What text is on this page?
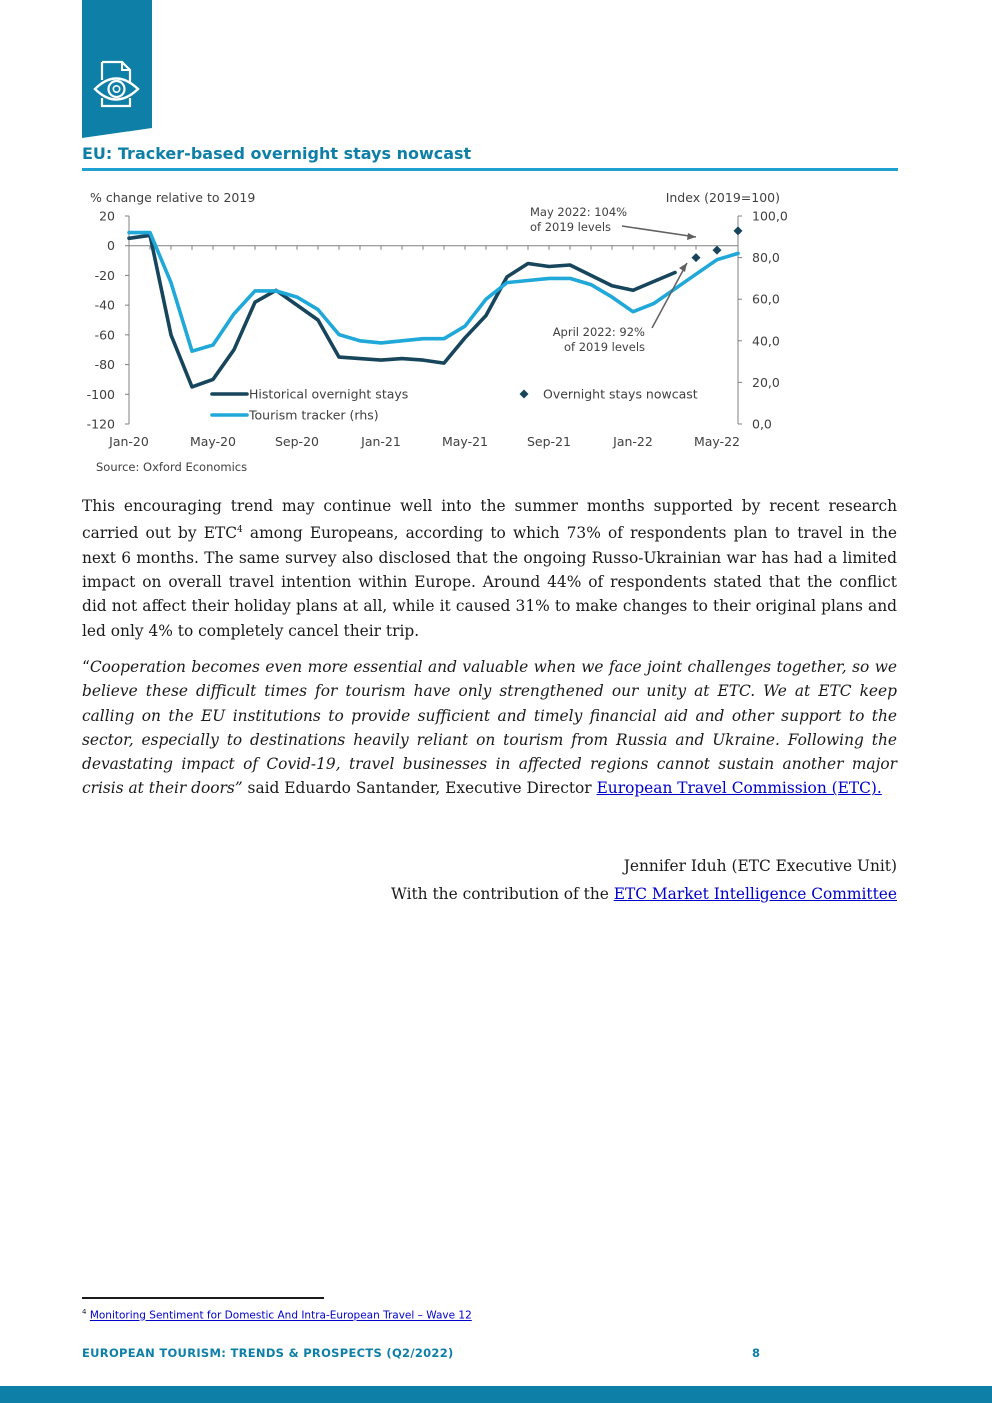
EU: Tracker-based overnight stays nowcast
% change relative to 2019	Index (2019=100)
Source: Oxford Economics
20
0
-20
-40
-60
-80
-100
-120
100,0
80,0
60,0
40,0
20,0
0,0
Jan-20	May-20	Sep-20	Jan-21	May-21	Sep-21	Jan-22	May-22
May 2022: 104%
of 2019 levels
April 2022: 92%
of 2019 levels
Historical overnight stays
Tourism tracker (rhs)
Overnight stays nowcast
This encouraging trend may continue well into the summer months supported by recent research carried out by ETC$^4$ among Europeans, according to which 73% of respondents plan to travel in the next 6 months. The same survey also disclosed that the ongoing Russo-Ukrainian war has had a limited impact on overall travel intention within Europe. Around 44% of respondents stated that the conflict did not affect their holiday plans at all, while it caused 31% to make changes to their original plans and led only 4% to completely cancel their trip.
“Cooperation becomes even more essential and valuable when we face joint challenges together, so we believe these difficult times for tourism have only strengthened our unity at ETC. We at ETC keep calling on the EU institutions to provide sufficient and timely financial aid and other support to the sector, especially to destinations heavily reliant on tourism from Russia and Ukraine. Following the devastating impact of Covid-19, travel businesses in affected regions cannot sustain another major crisis at their doors” said Eduardo Santander, Executive Director European Travel Commission (ETC).
Jennifer Iduh (ETC Executive Unit)
With the contribution of the ETC Market Intelligence Committee
$^4$ Monitoring Sentiment for Domestic And Intra-European Travel – Wave 12
EUROPEAN TOURISM: TRENDS & PROSPECTS (Q2/2022)	8
